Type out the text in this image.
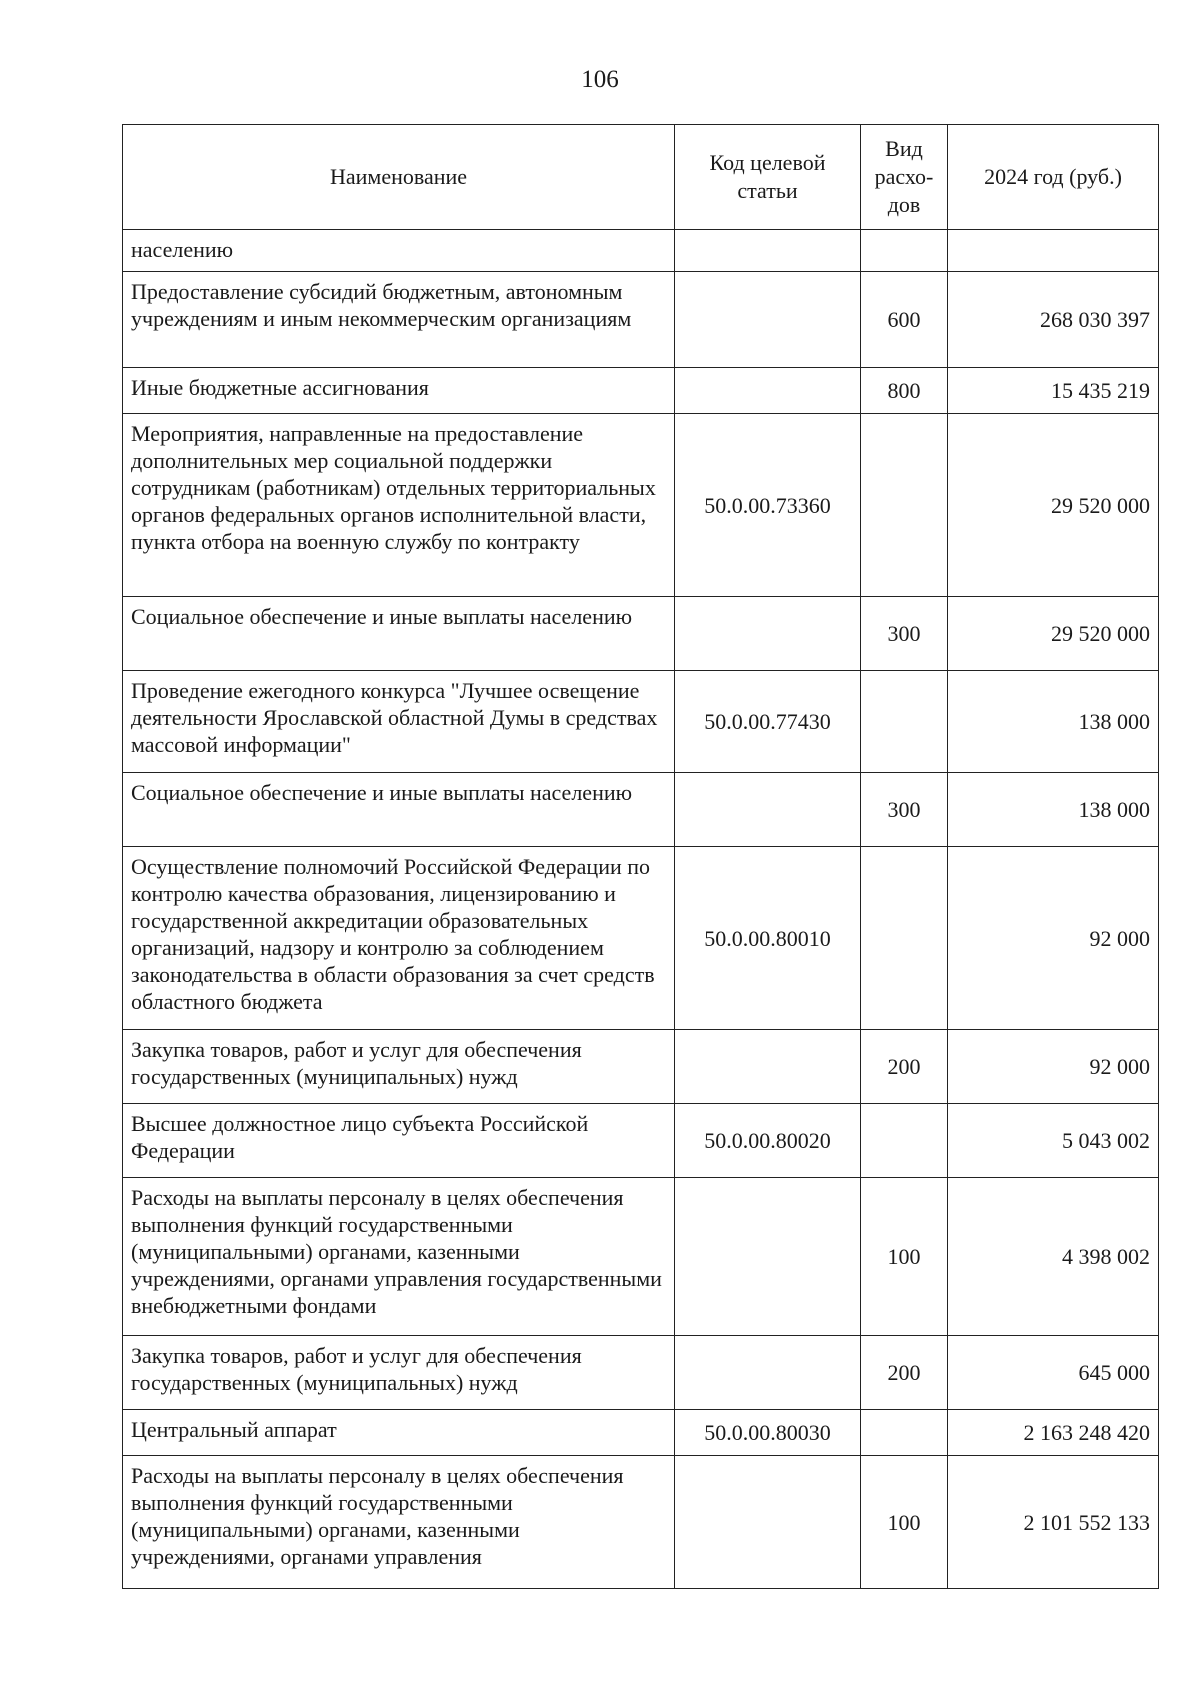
106
Наименование	Код целевой статьи	Вид расхо-дов	2024 год (руб.)
населению			
Предоставление субсидий бюджетным, автономным учреждениям и иным некоммерческим организациям		600	268 030 397
Иные бюджетные ассигнования		800	15 435 219
Мероприятия, направленные на предоставление дополнительных мер социальной поддержки сотрудникам (работникам) отдельных территориальных органов федеральных органов исполнительной власти, пункта отбора на военную службу по контракту	50.0.00.73360		29 520 000
Социальное обеспечение и иные выплаты населению		300	29 520 000
Проведение ежегодного конкурса "Лучшее освещение деятельности Ярославской областной Думы в средствах массовой информации"	50.0.00.77430		138 000
Социальное обеспечение и иные выплаты населению		300	138 000
Осуществление полномочий Российской Федерации по контролю качества образования, лицензированию и государственной аккредитации образовательных организаций, надзору и контролю за соблюдением законодательства в области образования за счет средств областного бюджета	50.0.00.80010		92 000
Закупка товаров, работ и услуг для обеспечения государственных (муниципальных) нужд		200	92 000
Высшее должностное лицо субъекта Российской Федерации	50.0.00.80020		5 043 002
Расходы на выплаты персоналу в целях обеспечения выполнения функций государственными (муниципальными) органами, казенными учреждениями, органами управления государственными внебюджетными фондами		100	4 398 002
Закупка товаров, работ и услуг для обеспечения государственных (муниципальных) нужд		200	645 000
Центральный аппарат	50.0.00.80030		2 163 248 420
Расходы на выплаты персоналу в целях обеспечения выполнения функций государственными (муниципальными) органами, казенными учреждениями, органами управления		100	2 101 552 133
